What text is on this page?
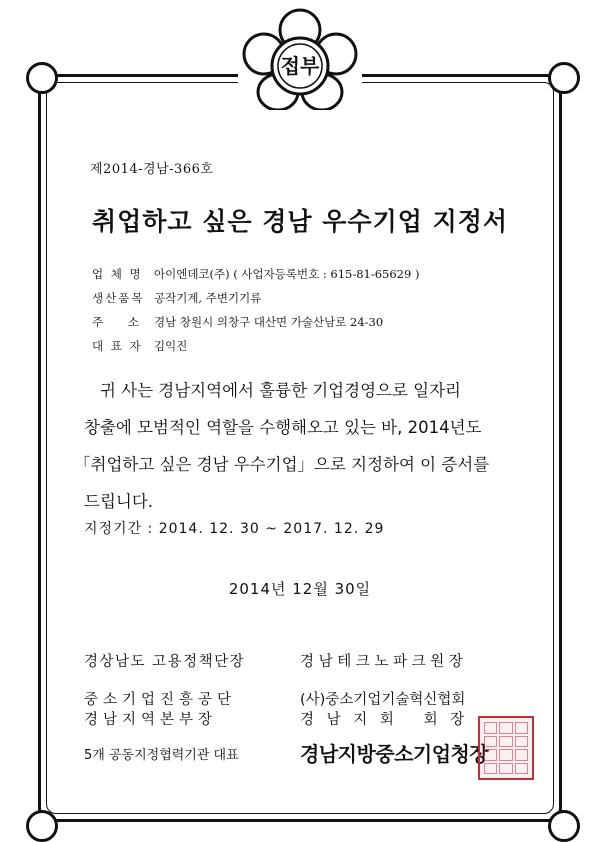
접부
제2014-경남-366호
취업하고 싶은 경남 우수기업 지정서
업 체 명 아이엔데코(주) ( 사업자등록번호 : 615-81-65629 )
생산품목 공작기계, 주변기기류
주    소	경남 창원시 의창구 대산면 가술산남로 24-30
대 표 자 김익진
귀 사는 경남지역에서 훌륭한 기업경영으로 일자리
창출에 모범적인 역할을 수행해오고 있는 바, 2014년도
「취업하고 싶은 경남 우수기업」으로 지정하여 이 증서를
드립니다.
지정기간 : 2014. 12. 30 ~ 2017. 12. 29
2014년 12월 30일
경상남도 고용정책단장	경 남 테 크 노 파 크 원 장
중소기업진흥공단	(사)중소기업기술혁신협회
경남지역본부장	경 남 지 회   회 장
5개 공동지정협력기관 대표	경남지방중소기업청장
